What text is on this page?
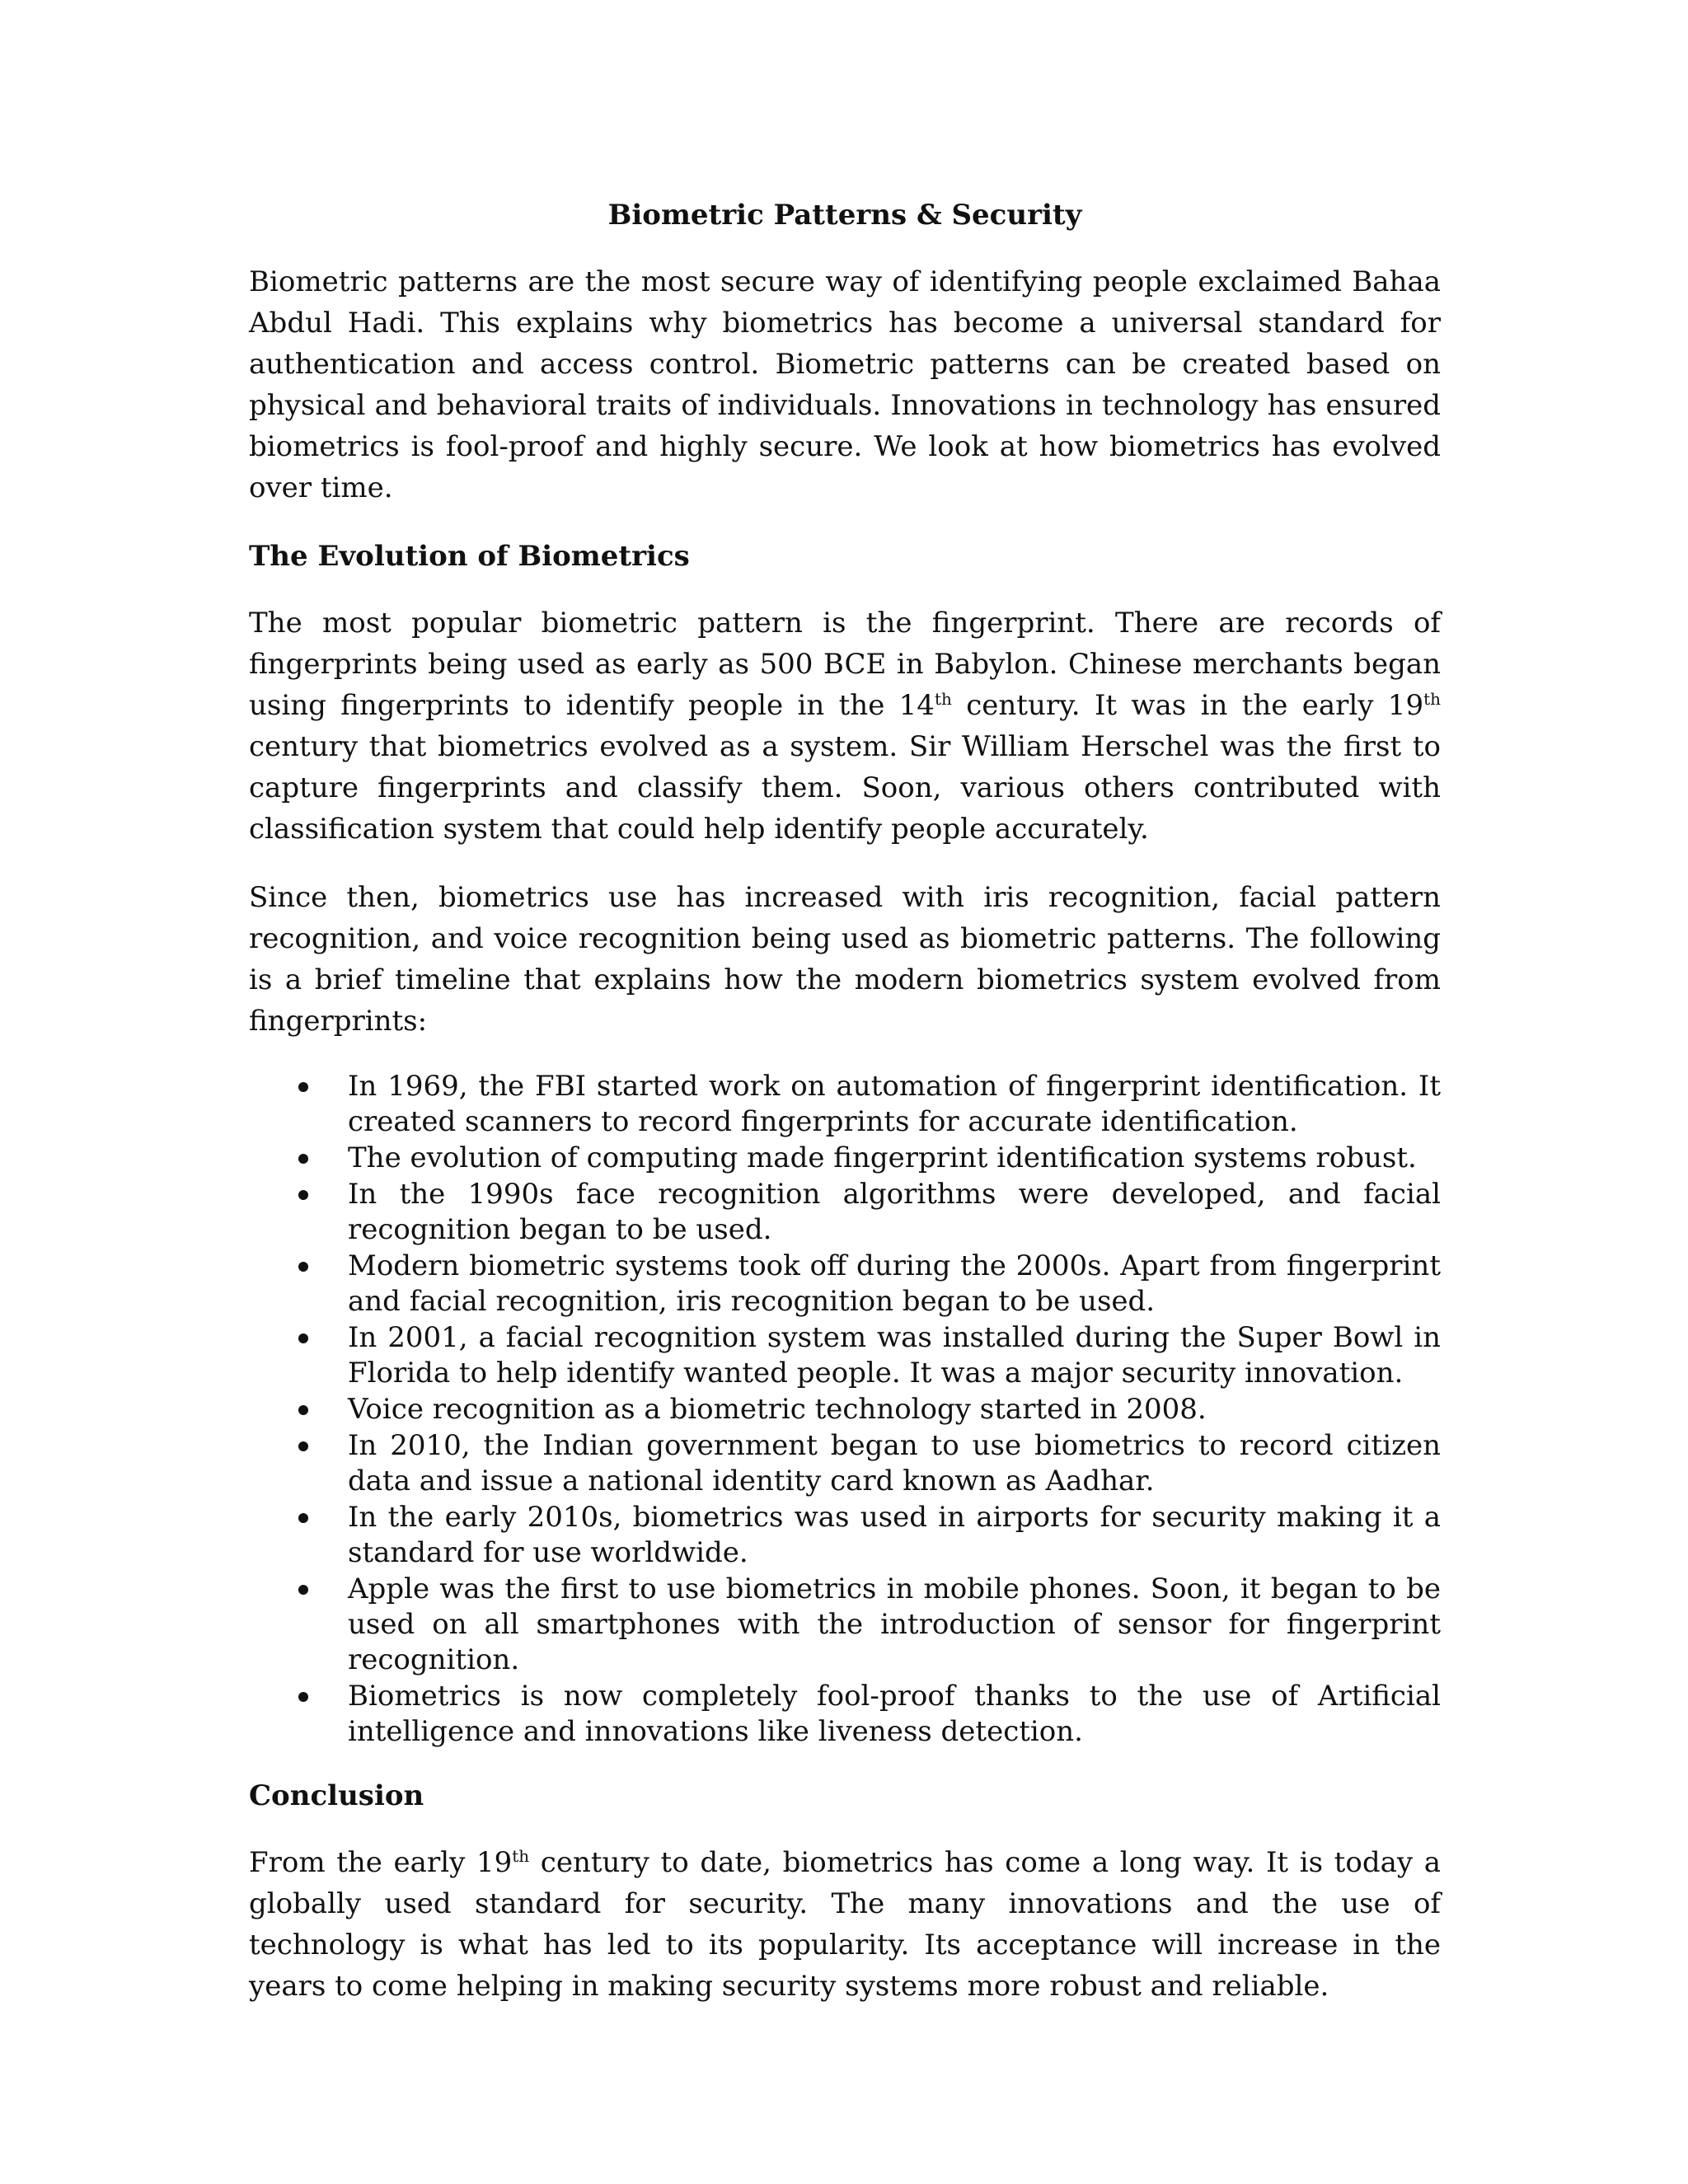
Biometric Patterns & Security

Biometric patterns are the most secure way of identifying people exclaimed Bahaa Abdul Hadi. This explains why biometrics has become a universal standard for authentication and access control. Biometric patterns can be created based on physical and behavioral traits of individuals. Innovations in technology has ensured biometrics is fool-proof and highly secure. We look at how biometrics has evolved over time.

The Evolution of Biometrics

The most popular biometric pattern is the fingerprint. There are records of fingerprints being used as early as 500 BCE in Babylon. Chinese merchants began using fingerprints to identify people in the 14th century. It was in the early 19th century that biometrics evolved as a system. Sir William Herschel was the first to capture fingerprints and classify them. Soon, various others contributed with classification system that could help identify people accurately.

Since then, biometrics use has increased with iris recognition, facial pattern recognition, and voice recognition being used as biometric patterns. The following is a brief timeline that explains how the modern biometrics system evolved from fingerprints:

In 1969, the FBI started work on automation of fingerprint identification. It created scanners to record fingerprints for accurate identification.
The evolution of computing made fingerprint identification systems robust.
In the 1990s face recognition algorithms were developed, and facial recognition began to be used.
Modern biometric systems took off during the 2000s. Apart from fingerprint and facial recognition, iris recognition began to be used.
In 2001, a facial recognition system was installed during the Super Bowl in Florida to help identify wanted people. It was a major security innovation.
Voice recognition as a biometric technology started in 2008.
In 2010, the Indian government began to use biometrics to record citizen data and issue a national identity card known as Aadhar.
In the early 2010s, biometrics was used in airports for security making it a standard for use worldwide.
Apple was the first to use biometrics in mobile phones. Soon, it began to be used on all smartphones with the introduction of sensor for fingerprint recognition.
Biometrics is now completely fool-proof thanks to the use of Artificial intelligence and innovations like liveness detection.
Conclusion

From the early 19th century to date, biometrics has come a long way. It is today a globally used standard for security. The many innovations and the use of technology is what has led to its popularity. Its acceptance will increase in the years to come helping in making security systems more robust and reliable.
